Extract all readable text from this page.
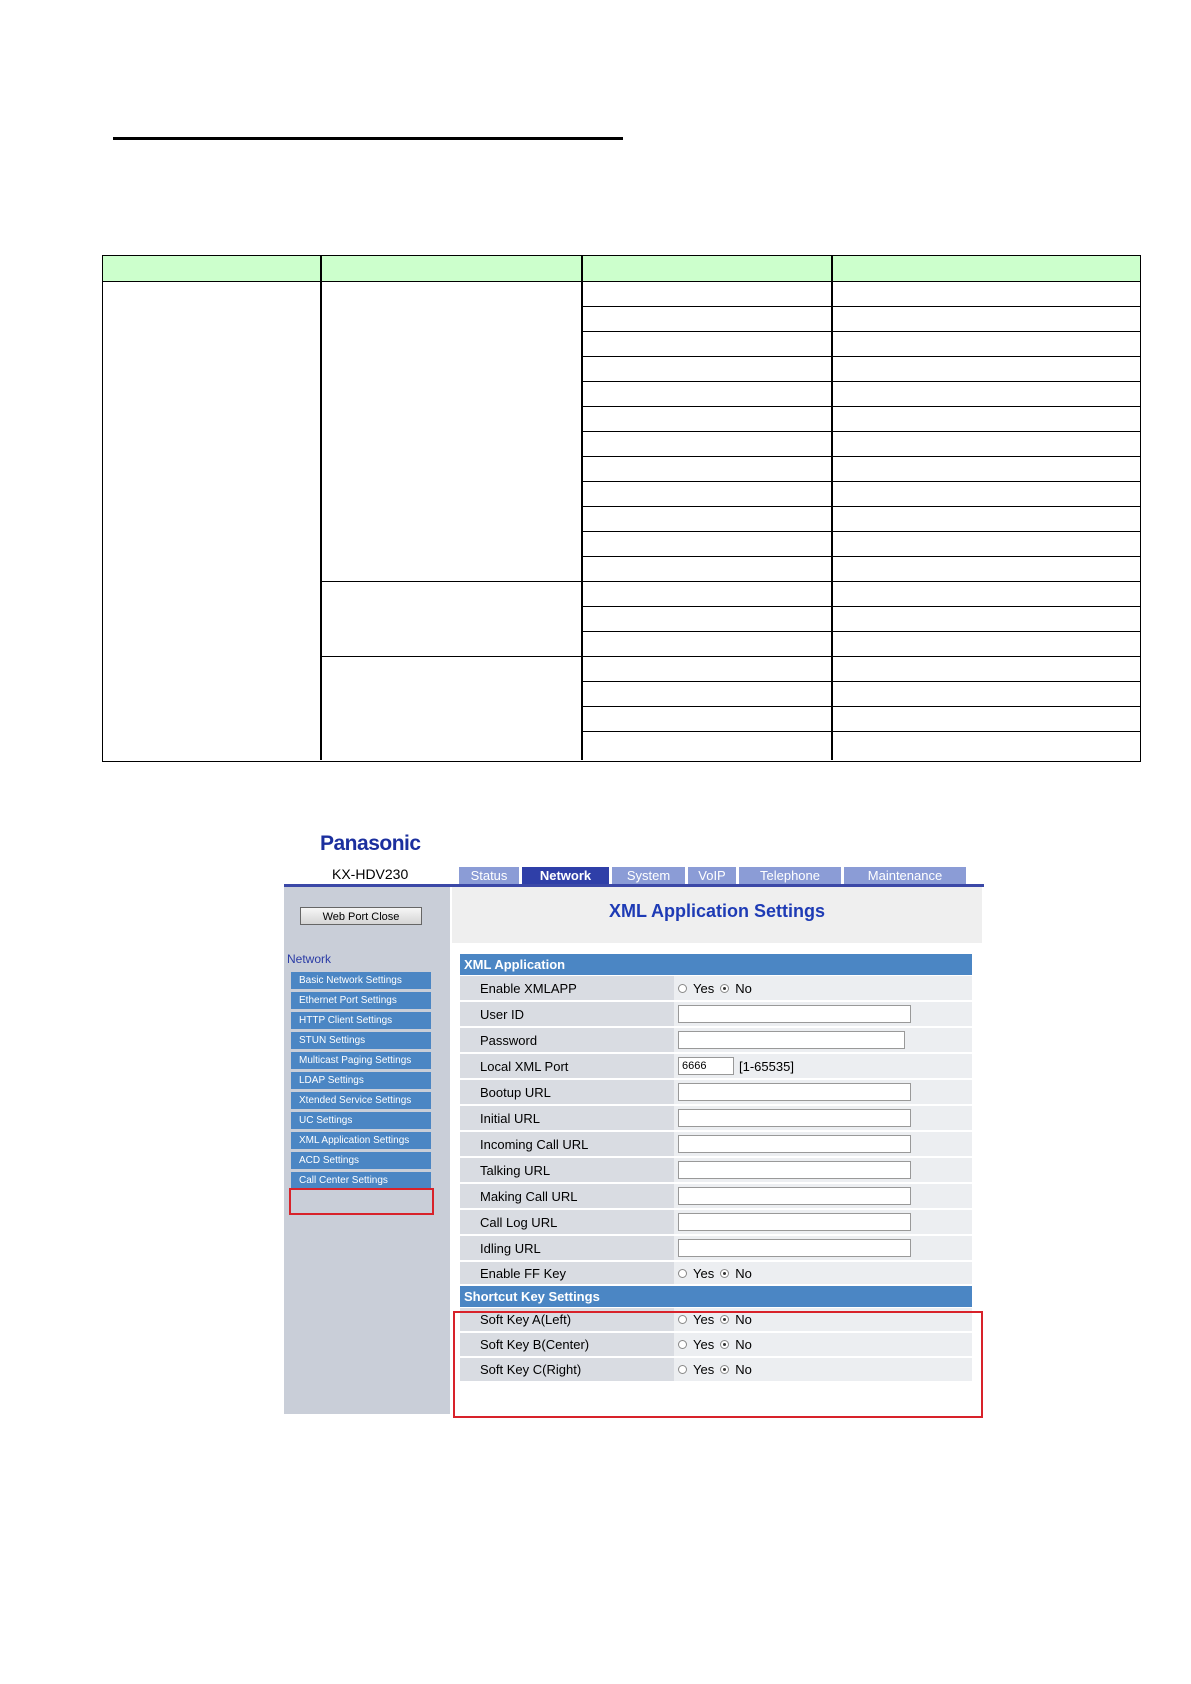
Panasonic
KX-HDV230	Status	Network	System	VoIP	Telephone	Maintenance
Web Port Close
Network
Basic Network Settings
Ethernet Port Settings
HTTP Client Settings
STUN Settings
Multicast Paging Settings
LDAP Settings
Xtended Service Settings
UC Settings
XML Application Settings
ACD Settings
Call Center Settings
XML Application Settings
XML Application
Enable XMLAPP	Yes No
User ID
Password
Local XML Port	6666	[1-65535]
Bootup URL
Initial URL
Incoming Call URL
Talking URL
Making Call URL
Call Log URL
Idling URL
Enable FF Key	Yes No
Shortcut Key Settings
Soft Key A(Left)	Yes No
Soft Key B(Center)	Yes No
Soft Key C(Right)	Yes No
